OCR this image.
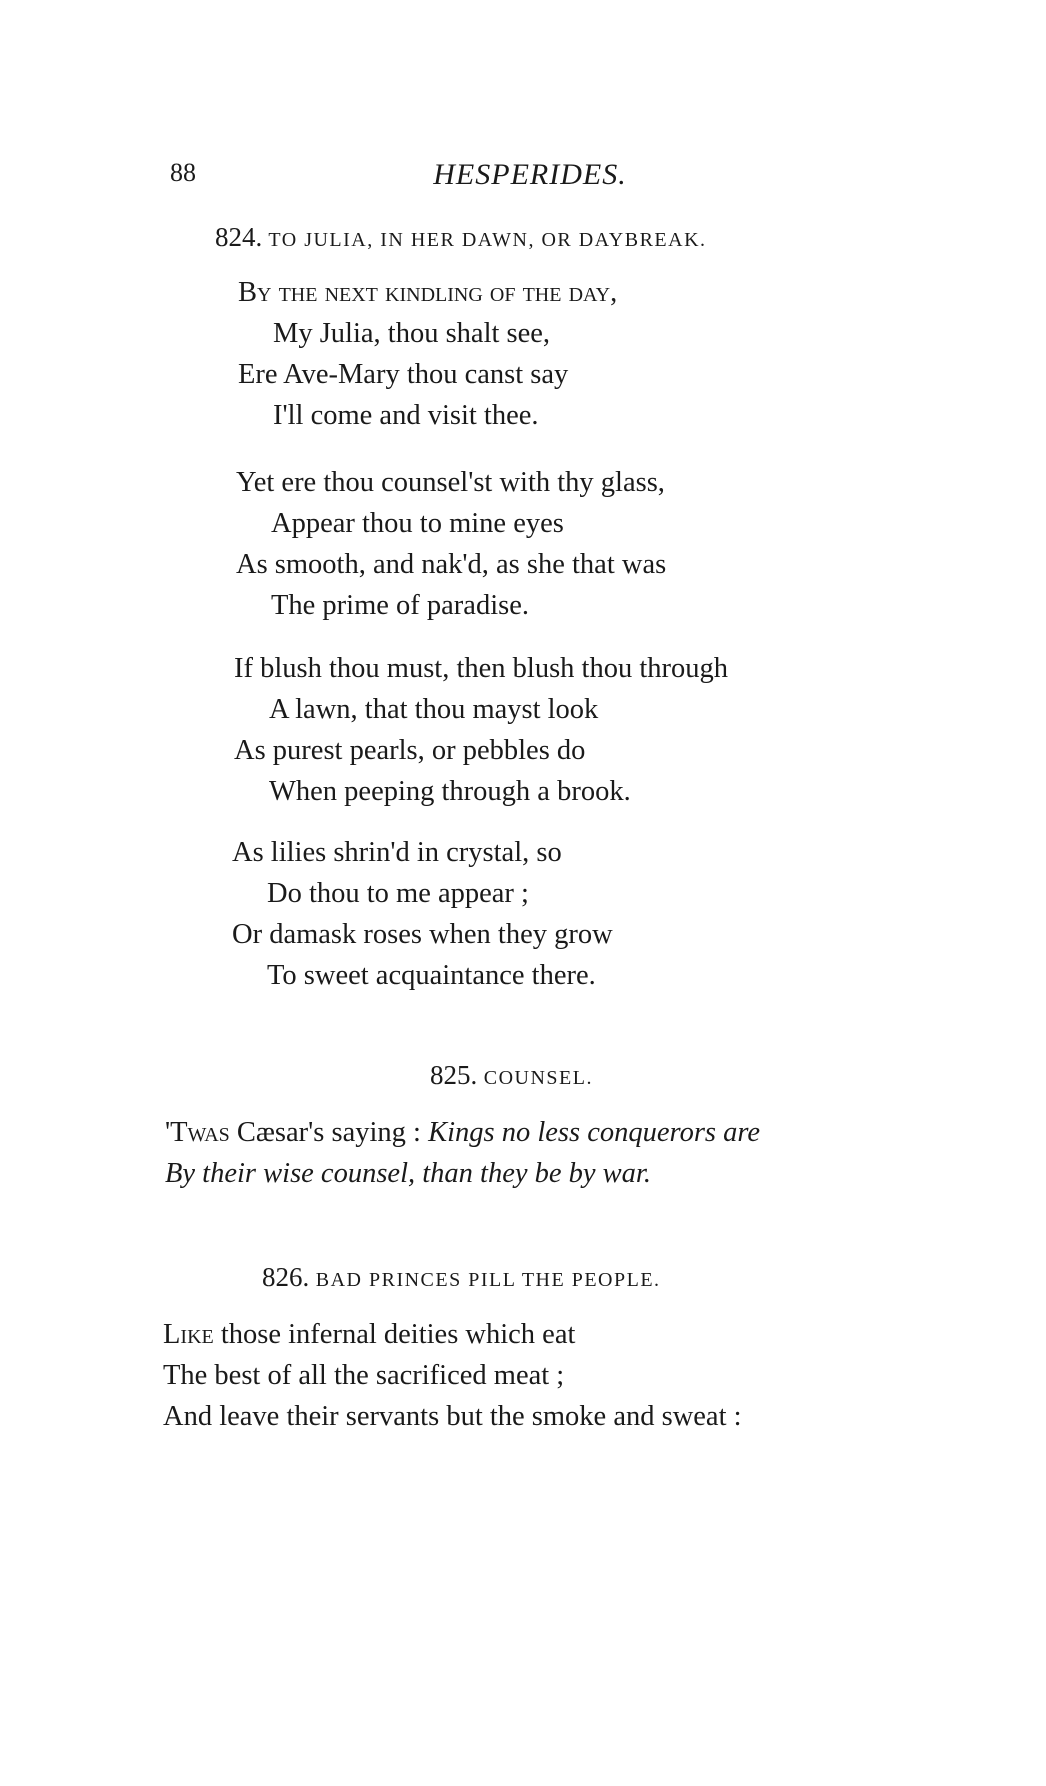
88	HESPERIDES.
824. TO JULIA, IN HER DAWN, OR DAYBREAK.
By the next kindling of the day,
My Julia, thou shalt see,
Ere Ave-Mary thou canst say
I'll come and visit thee.
Yet ere thou counsel'st with thy glass,
Appear thou to mine eyes
As smooth, and nak'd, as she that was
The prime of paradise.
If blush thou must, then blush thou through
A lawn, that thou mayst look
As purest pearls, or pebbles do
When peeping through a brook.
As lilies shrin'd in crystal, so
Do thou to me appear ;
Or damask roses when they grow
To sweet acquaintance there.
825. COUNSEL.
'Twas Cæsar's saying : Kings no less conquerors are
By their wise counsel, than they be by war.
826. BAD PRINCES PILL THE PEOPLE.
Like those infernal deities which eat
The best of all the sacrificed meat ;
And leave their servants but the smoke and sweat :
